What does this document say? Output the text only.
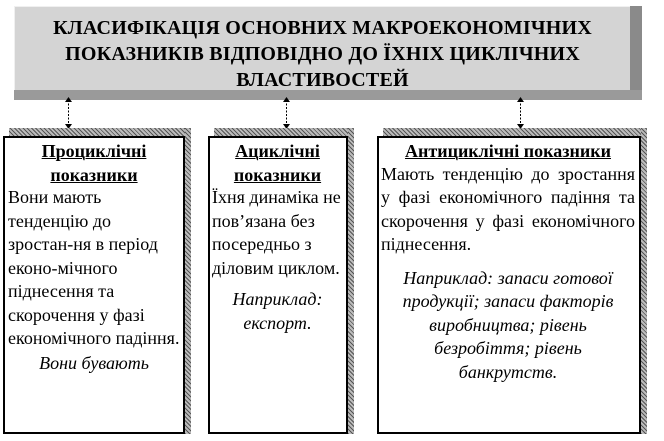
КЛАСИФІКАЦІЯ ОСНОВНИХ МАКРОЕКОНОМІЧНИХ
ПОКАЗНИКІВ ВІДПОВІДНО ДО ЇХНІХ ЦИКЛІЧНИХ
ВЛАСТИВОСТЕЙ
Проциклічні показники
Вони мають тенденцію до зростан-ня в період еконо-мічного піднесення та скорочення у фазі економічного падіння.
Вони бувають
Ациклічні показники
Їхня динаміка не пов’язана без посередньо з діловим циклом.
Наприклад: експорт.
Антициклічні показники
Мають тенденцію до зростання у фазі економічного падіння та скорочення у фазі економічного піднесення.
Наприклад: запаси готової продукції; запаси факторів виробництва; рівень безробіття; рівень банкрутств.
